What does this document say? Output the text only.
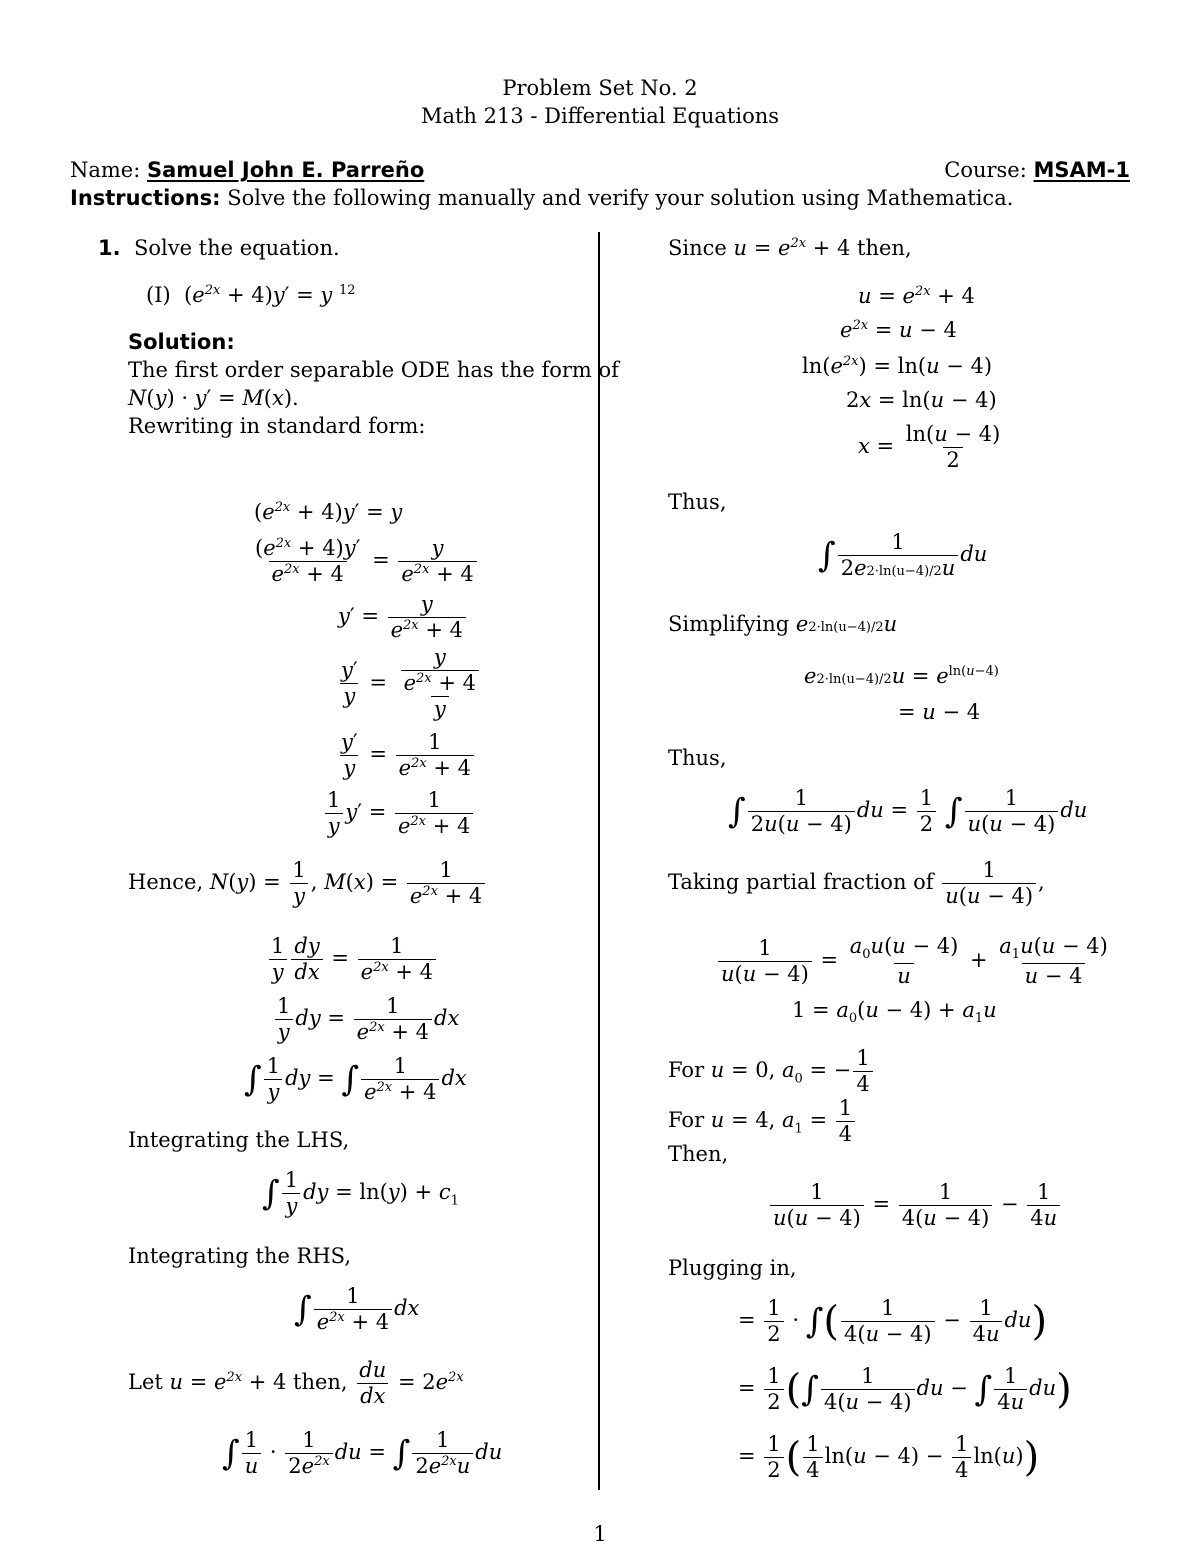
Problem Set No. 2
Math 213 - Differential Equations
Name: Samuel John E. Parreño	Course: MSAM-1
Instructions: Solve the following manually and verify your solution using Mathematica.
1. Solve the equation.
(I) $(e^{2x} + 4)y' = y$ $^{12}$
Solution:
The first order separable ODE has the form of
N(y) · y′ = M(x).
Rewriting in standard form:
$(e^{2x} + 4)y' = y$
$\frac{(e^{2x} + 4)y'}{e^{2x} + 4} = \frac{y}{e^{2x} + 4}$
$y' = \frac{y}{e^{2x} + 4}$
$\frac{y'}{y} = \frac{\frac{y}{e^{2x} + 4}}{y}$
$\frac{y'}{y} = \frac{1}{e^{2x} + 4}$
$\frac{1}{y} y' = \frac{1}{e^{2x} + 4}$
Hence, $N(y) = \frac{1}{y}$ , $M(x) = \frac{1}{e^{2x} + 4}$
$\frac{1}{y} \frac{dy}{dx} = \frac{1}{e^{2x} + 4}$
$\frac{1}{y}$ dy = $\frac{1}{e^{2x} + 4}$ dx
∫ $\frac{1}{y}$ dy = ∫ $\frac{1}{e^{2x} + 4}$ dx
Integrating the LHS,
∫ $\frac{1}{y}$ dy = $\ln(y) + c_1$
Integrating the RHS,
∫ $\frac{1}{e^{2x} + 4}$ dx
Let $u = e^{2x} + 4$ then, $\frac{du}{dx} = 2e^{2x}$
∫ $\frac{1}{u} \cdot \frac{1}{2e^{2x}}$ du = ∫ $\frac{1}{2e^{2x}u}$ du
Since $u = e^{2x} + 4$ then,
$u = e^{2x} + 4$
$e^{2x} = u - 4$
$\ln(e^{2x}) = \ln(u - 4)$
2x = ln(u − 4)
$x = \frac{\ln(u - 4)}{2}$
Thus,
∫ $\frac{1}{2e2\cdot\ln(u-4)/2u}$ du
Simplifying e2·ln(u−4)/2u
$e2\cdot\ln(u-4)/2u = e^{ln(u-4)}$
= u − 4
Thus,
∫ $\frac{1}{2u(u - 4)}$ du = $\frac{1}{2}$ ∫ $\frac{1}{u(u - 4)}$ du
Taking partial fraction of $\frac{1}{u(u - 4)}$ ,
$\frac{1}{u(u - 4)} = \frac{a_0u(u - 4)}{u} + \frac{a_1u(u - 4)}{u - 4}$
$1 = a_0(u - 4) + a_1u$
For u = 0, $a_0$ = − $\frac{1}{4}$
For u = 4, $a_1 = \frac{1}{4}$
Then,
$\frac{1}{u(u - 4)} = \frac{1}{4(u - 4)} - \frac{1}{4u}$
Plugging in,
= $\frac{1}{2}$ · ∫( $\frac{1}{4(u - 4)} - \frac{1}{4u} du$)
= $\frac{1}{2}$ (∫ $\frac{1}{4(u - 4)}$ du − ∫ $\frac{1}{4u} du$)
= $\frac{1}{2}$ ( $\frac{1}{4} \ln(u - 4) - \frac{1}{4} \ln(u)$)
1
